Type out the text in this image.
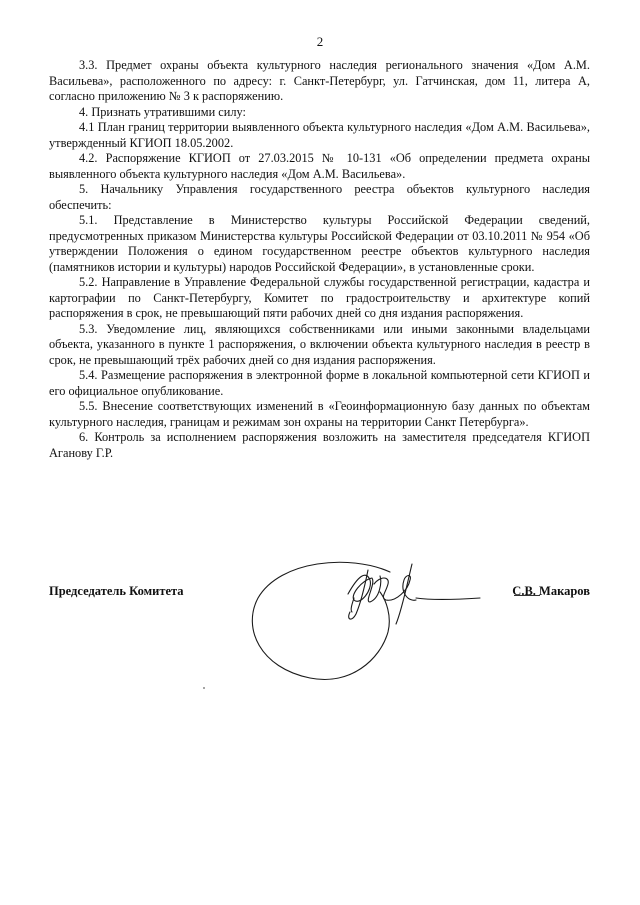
2

3.3. Предмет охраны объекта культурного наследия регионального значения «Дом А.М. Васильева», расположенного по адресу: г. Санкт-Петербург, ул. Гатчинская, дом 11, литера А, согласно приложению № 3 к распоряжению.

4. Признать утратившими силу:

4.1 План границ территории выявленного объекта культурного наследия «Дом А.М. Васильева», утвержденный КГИОП 18.05.2002.

4.2. Распоряжение КГИОП от 27.03.2015 № 10-131 «Об определении предмета охраны выявленного объекта культурного наследия «Дом А.М. Васильева».

5. Начальнику Управления государственного реестра объектов культурного наследия обеспечить:

5.1. Представление в Министерство культуры Российской Федерации сведений, предусмотренных приказом Министерства культуры Российской Федерации от 03.10.2011 № 954 «Об утверждении Положения о едином государственном реестре объектов культурного наследия (памятников истории и культуры) народов Российской Федерации», в установленные сроки.

5.2. Направление в Управление Федеральной службы государственной регистрации, кадастра и картографии по Санкт-Петербургу, Комитет по градостроительству и архитектуре копий распоряжения в срок, не превышающий пяти рабочих дней со дня издания распоряжения.

5.3. Уведомление лиц, являющихся собственниками или иными законными владельцами объекта, указанного в пункте 1 распоряжения, о включении объекта культурного наследия в реестр в срок, не превышающий трёх рабочих дней со дня издания распоряжения.

5.4. Размещение распоряжения в электронной форме в локальной компьютерной сети КГИОП и его официальное опубликование.

5.5. Внесение соответствующих изменений в «Геоинформационную базу данных по объектам культурного наследия, границам и режимам зон охраны на территории Санкт Петербурга».

6. Контроль за исполнением распоряжения возложить на заместителя председателя КГИОП Аганову Г.Р.

Председатель Комитета	С.В. Макаров
